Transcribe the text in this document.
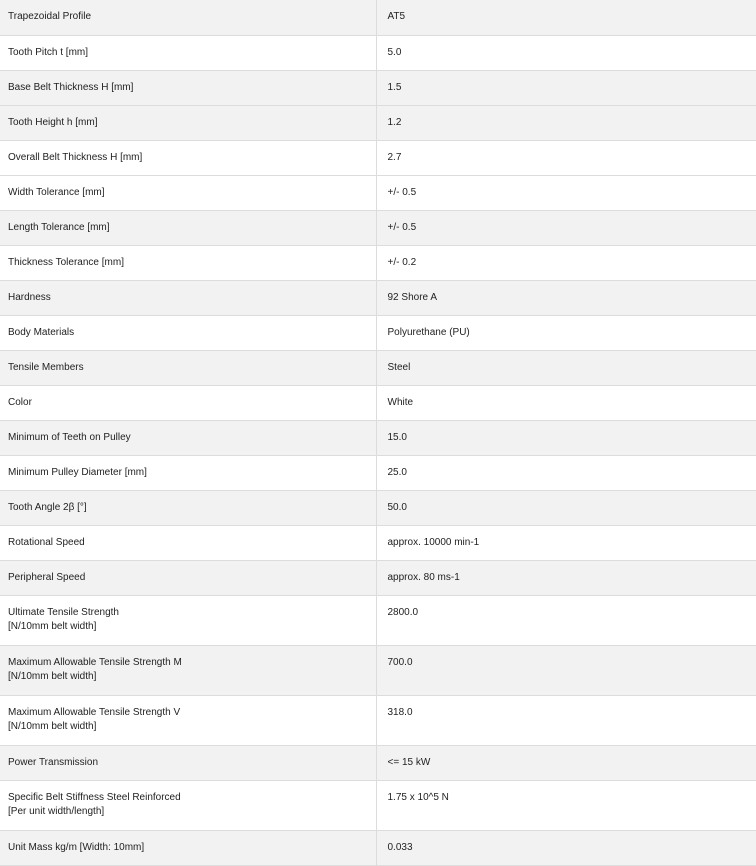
Trapezoidal Profile	AT5
Tooth Pitch t [mm]	5.0
Base Belt Thickness H [mm]	1.5
Tooth Height h [mm]	1.2
Overall Belt Thickness H [mm]	2.7
Width Tolerance [mm]	+/- 0.5
Length Tolerance [mm]	+/- 0.5
Thickness Tolerance [mm]	+/- 0.2
Hardness	92 Shore A
Body Materials	Polyurethane (PU)
Tensile Members	Steel
Color	White
Minimum of Teeth on Pulley	15.0
Minimum Pulley Diameter [mm]	25.0
Tooth Angle 2β [°]	50.0
Rotational Speed	approx. 10000 min-1
Peripheral Speed	approx. 80 ms-1

Ultimate Tensile Strength
[N/10mm belt width]	2800.0

Maximum Allowable Tensile Strength M
[N/10mm belt width]	700.0

Maximum Allowable Tensile Strength V
[N/10mm belt width]	318.0
Power Transmission	<= 15 kW

Specific Belt Stiffness Steel Reinforced
[Per unit width/length]	1.75 x 10^5 N
Unit Mass kg/m [Width: 10mm]	0.033
